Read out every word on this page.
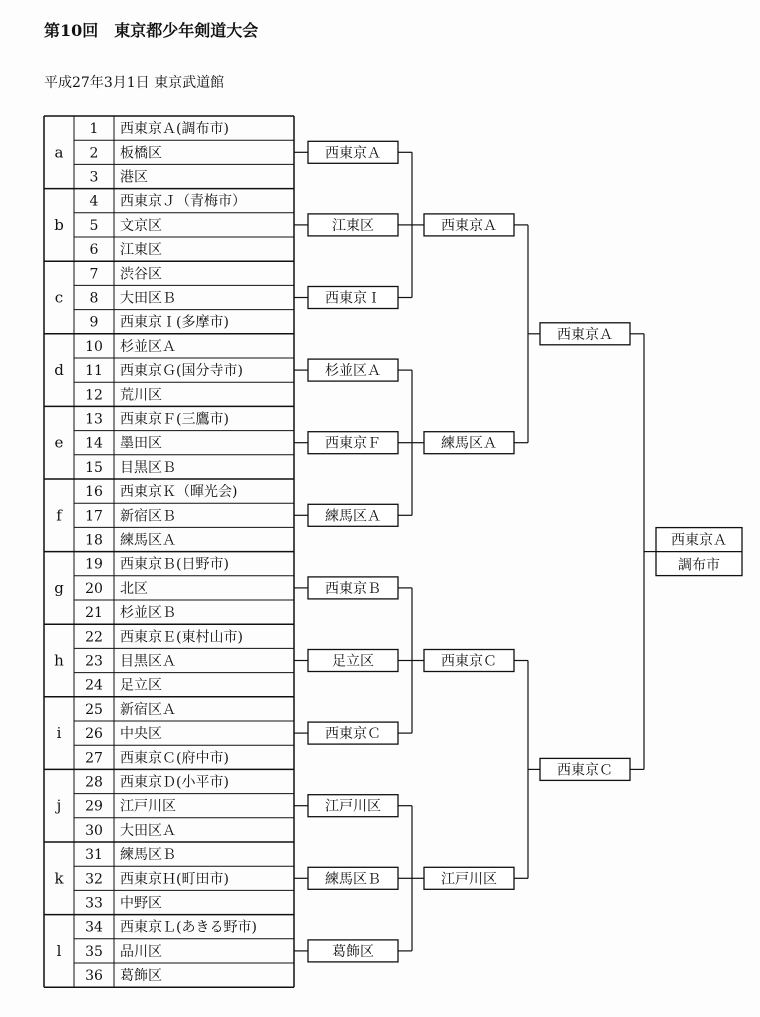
第10回　東京都少年剣道大会
平成27年3月1日 東京武道館
a
1 西東京Ａ(調布市)
2 板橋区
3 港区
b
4 西東京Ｊ（青梅市）
5 文京区
6 江東区
c
7 渋谷区
8 大田区Ｂ
9 西東京Ｉ(多摩市)
d
10 杉並区Ａ
11 西東京Ｇ(国分寺市)
12 荒川区
e
13 西東京Ｆ(三鷹市)
14 墨田区
15 目黒区Ｂ
f
16 西東京Ｋ（暉光会)
17 新宿区Ｂ
18 練馬区Ａ
g
19 西東京Ｂ(日野市)
20 北区
21 杉並区Ｂ
h
22 西東京Ｅ(東村山市)
23 目黒区Ａ
24 足立区
i
25 新宿区Ａ
26 中央区
27 西東京Ｃ(府中市)
j
28 西東京Ｄ(小平市)
29 江戸川区
30 大田区Ａ
k
31 練馬区Ｂ
32 西東京Ｈ(町田市)
33 中野区
l
34 西東京Ｌ(あきる野市)
35 品川区
36 葛飾区
西東京Ａ
江東区
西東京Ｉ
杉並区Ａ
西東京Ｆ
練馬区Ａ
西東京Ｂ
足立区
西東京Ｃ
江戸川区
練馬区Ｂ
葛飾区
西東京Ａ
練馬区Ａ
西東京Ｃ
江戸川区
西東京Ａ
西東京Ｃ
西東京Ａ
調布市
